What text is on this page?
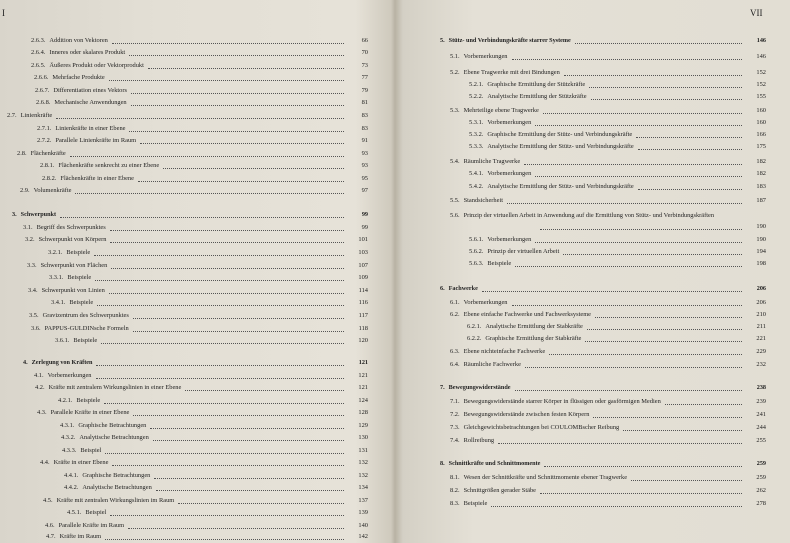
I
2.6.3. Addition von Vektoren	66
2.6.4. Inneres oder skalares Produkt	70
2.6.5. Äußeres Produkt oder Vektorprodukt	73
2.6.6. Mehrfache Produkte	77
2.6.7. Differentiation eines Vektors	79
2.6.8. Mechanische Anwendungen	81
2.7. Linienkräfte	83
2.7.1. Linienkräfte in einer Ebene	83
2.7.2. Parallele Linienkräfte im Raum	91
2.8. Flächenkräfte	93
2.8.1. Flächenkräfte senkrecht zu einer Ebene	93
2.8.2. Flächenkräfte in einer Ebene	95
2.9. Volumenkräfte	97
3. Schwerpunkt	99
3.1. Begriff des Schwerpunktes	99
3.2. Schwerpunkt von Körpern	101
3.2.1. Beispiele	103
3.3. Schwerpunkt von Flächen	107
3.3.1. Beispiele	109
3.4. Schwerpunkt von Linien	114
3.4.1. Beispiele	116
3.5. Gravizentrum des Schwerpunktes	117
3.6. PAPPUS-GULDINsche Formeln	118
3.6.1. Beispiele	120
4. Zerlegung von Kräften	121
4.1. Vorbemerkungen	121
4.2. Kräfte mit zentralem Wirkungslinien in einer Ebene	121
4.2.1. Beispiele	124
4.3. Parallele Kräfte in einer Ebene	128
4.3.1. Graphische Betrachtungen	129
4.3.2. Analytische Betrachtungen	130
4.3.3. Beispiel	131
4.4. Kräfte in einer Ebene	132
4.4.1. Graphische Betrachtungen	132
4.4.2. Analytische Betrachtungen	134
4.5. Kräfte mit zentralen Wirkungslinien im Raum	137
4.5.1. Beispiel	139
4.6. Parallele Kräfte im Raum	140
4.7. Kräfte im Raum	142
VII
5. Stütz- und Verbindungskräfte starrer Systeme	146
5.1. Vorbemerkungen	146
5.2. Ebene Tragwerke mit drei Bindungen	152
5.2.1. Graphische Ermittlung der Stützkräfte	152
5.2.2. Analytische Ermittlung der Stützkräfte	155
5.3. Mehrteilige ebene Tragwerke	160
5.3.1. Vorbemerkungen	160
5.3.2. Graphische Ermittlung der Stütz- und Verbindungskräfte	166
5.3.3. Analytische Ermittlung der Stütz- und Verbindungskräfte	175
5.4. Räumliche Tragwerke	182
5.4.1. Vorbemerkungen	182
5.4.2. Analytische Ermittlung der Stütz- und Verbindungskräfte	183
5.5. Standsicherheit	187
5.6. Prinzip der virtuellen Arbeit in Anwendung auf die Ermittlung von Stütz- und Verbindungskräften
190
5.6.1. Vorbemerkungen	190
5.6.2. Prinzip der virtuellen Arbeit	194
5.6.3. Beispiele	198
6. Fachwerke	206
6.1. Vorbemerkungen	206
6.2. Ebene einfache Fachwerke und Fachwerksysteme	210
6.2.1. Analytische Ermittlung der Stabkräfte	211
6.2.2. Graphische Ermittlung der Stabkräfte	221
6.3. Ebene nichteinfache Fachwerke	229
6.4. Räumliche Fachwerke	232
7. Bewegungswiderstände	238
7.1. Bewegungswiderstände starrer Körper in flüssigen oder gasförmigen Medien	239
7.2. Bewegungswiderstände zwischen festen Körpern	241
7.3. Gleichgewichtsbetrachtungen bei COULOMBscher Reibung	244
7.4. Rollreibung	255
8. Schnittkräfte und Schnittmomente	259
8.1. Wesen der Schnittkräfte und Schnittmomente ebener Tragwerke	259
8.2. Schnittgrößen gerader Stäbe	262
8.3. Beispiele	278
